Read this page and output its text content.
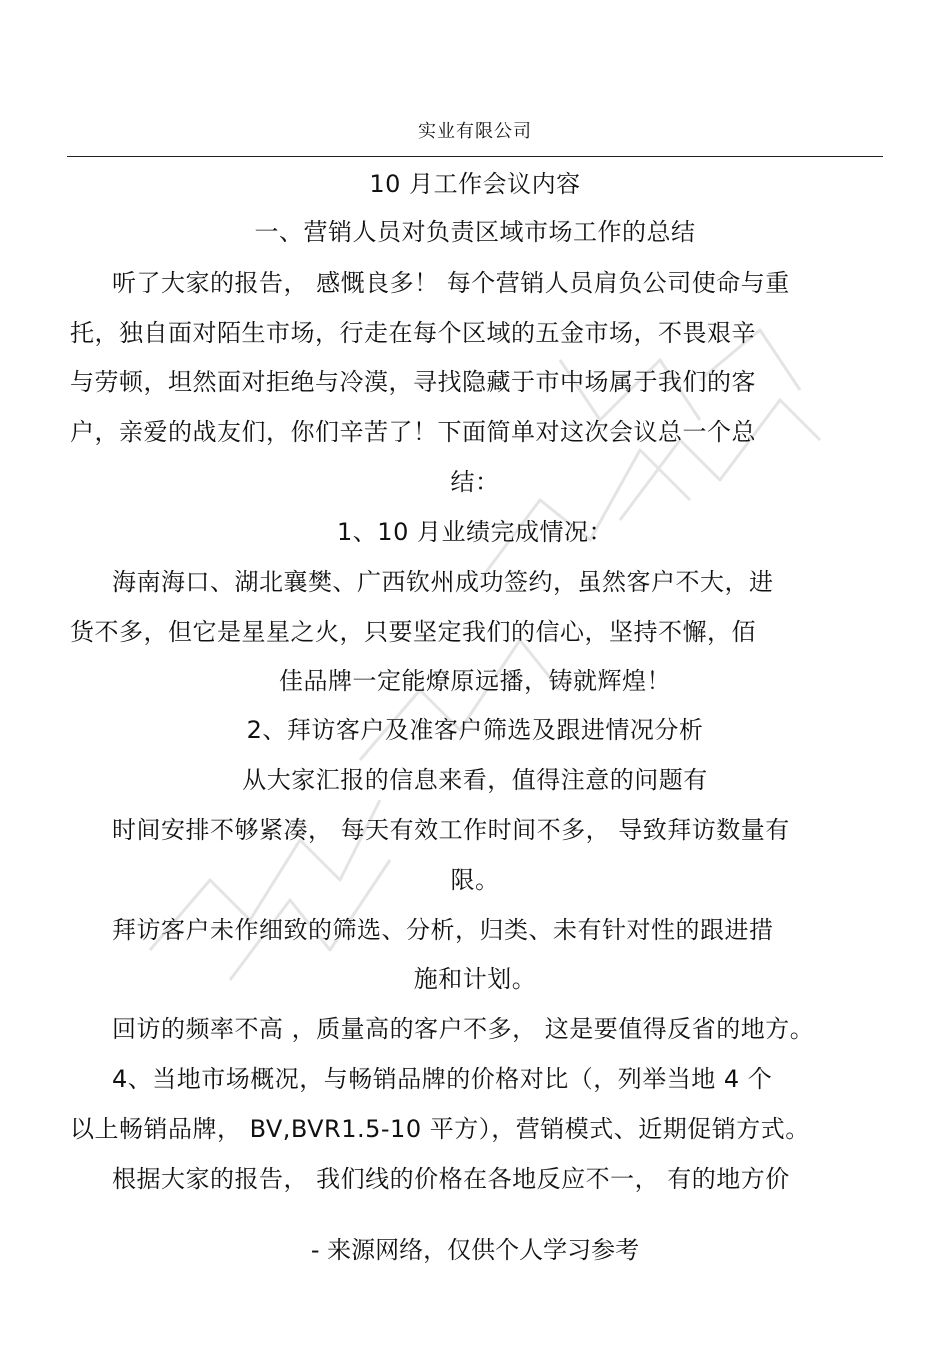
实业有限公司
10 月工作会议内容
一、营销人员对负责区域市场工作的总结
听了大家的报告， 感慨良多！ 每个营销人员肩负公司使命与重
托，独自面对陌生市场，行走在每个区域的五金市场，不畏艰辛
与劳顿，坦然面对拒绝与冷漠，寻找隐藏于市中场属于我们的客
户，亲爱的战友们，你们辛苦了！下面简单对这次会议总一个总
结：
1、10 月业绩完成情况：
海南海口、湖北襄樊、广西钦州成功签约，虽然客户不大，进
货不多，但它是星星之火，只要坚定我们的信心，坚持不懈，佰
佳品牌一定能燎原远播，铸就辉煌！
2、拜访客户及准客户筛选及跟进情况分析
从大家汇报的信息来看，值得注意的问题有
时间安排不够紧凑， 每天有效工作时间不多， 导致拜访数量有
限。
拜访客户未作细致的筛选、分析，归类、未有针对性的跟进措
施和计划。
回访的频率不高 ，质量高的客户不多， 这是要值得反省的地方。
4、当地市场概况，与畅销品牌的价格对比（，列举当地 4 个
以上畅销品牌， BV,BVR1.5-10 平方），营销模式、近期促销方式。
根据大家的报告， 我们线的价格在各地反应不一， 有的地方价
- 来源网络，仅供个人学习参考
